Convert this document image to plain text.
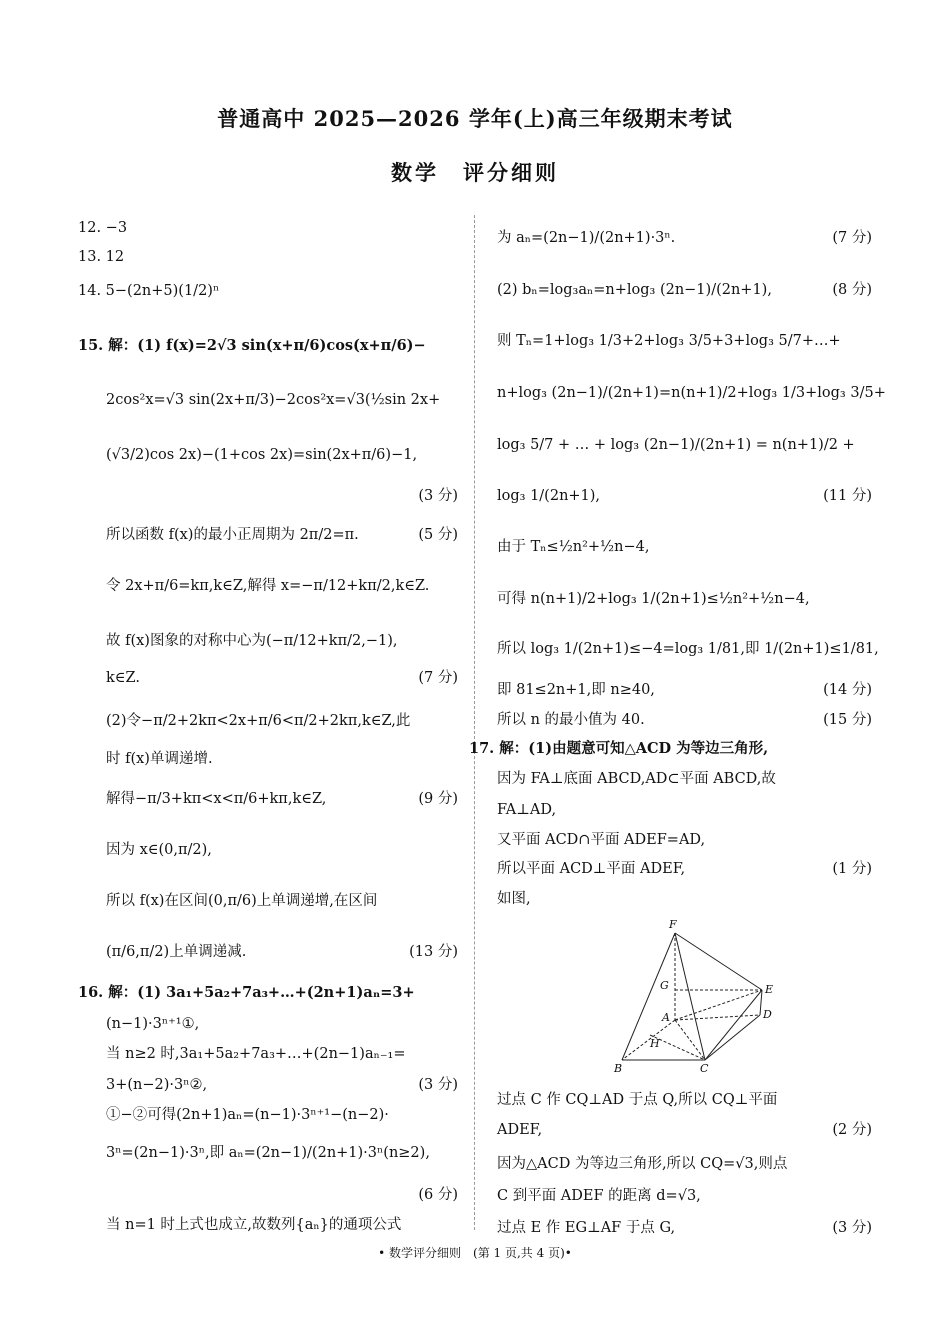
普通高中 2025—2026 学年(上)高三年级期末考试
数学　评分细则
12. −3
13. 12
14. 5−(2n+5)(1/2)ⁿ
15. 解：(1) f(x)=2√3 sin(x+π/6)cos(x+π/6)−
2cos²x=√3 sin(2x+π/3)−2cos²x=√3(½sin 2x+
(√3/2)cos 2x)−(1+cos 2x)=sin(2x+π/6)−1,
(3 分)
所以函数 f(x)的最小正周期为 2π/2=π.	(5 分)
令 2x+π/6=kπ,k∈Z,解得 x=−π/12+kπ/2,k∈Z.
故 f(x)图象的对称中心为(−π/12+kπ/2,−1),
k∈Z.	(7 分)
(2)令−π/2+2kπ<2x+π/6<π/2+2kπ,k∈Z,此
时 f(x)单调递增.
解得−π/3+kπ<x<π/6+kπ,k∈Z,	(9 分)
因为 x∈(0,π/2),
所以 f(x)在区间(0,π/6)上单调递增,在区间
(π/6,π/2)上单调递减.	(13 分)
16. 解：(1) 3a₁+5a₂+7a₃+…+(2n+1)aₙ=3+
(n−1)·3ⁿ⁺¹①,
当 n≥2 时,3a₁+5a₂+7a₃+…+(2n−1)aₙ₋₁=
3+(n−2)·3ⁿ②,	(3 分)
①−②可得(2n+1)aₙ=(n−1)·3ⁿ⁺¹−(n−2)·
3ⁿ=(2n−1)·3ⁿ,即 aₙ=(2n−1)/(2n+1)·3ⁿ(n≥2),
(6 分)
当 n=1 时上式也成立,故数列{aₙ}的通项公式
为 aₙ=(2n−1)/(2n+1)·3ⁿ.	(7 分)
(2) bₙ=log₃aₙ=n+log₃ (2n−1)/(2n+1),	(8 分)
则 Tₙ=1+log₃ 1/3+2+log₃ 3/5+3+log₃ 5/7+…+
n+log₃ (2n−1)/(2n+1)=n(n+1)/2+log₃ 1/3+log₃ 3/5+
log₃ 5/7 + … + log₃ (2n−1)/(2n+1) = n(n+1)/2 +
log₃ 1/(2n+1),	(11 分)
由于 Tₙ≤½n²+½n−4,
可得 n(n+1)/2+log₃ 1/(2n+1)≤½n²+½n−4,
所以 log₃ 1/(2n+1)≤−4=log₃ 1/81,即 1/(2n+1)≤1/81,
即 81≤2n+1,即 n≥40,	(14 分)
所以 n 的最小值为 40.	(15 分)
17. 解：(1)由题意可知△ACD 为等边三角形,
因为 FA⊥底面 ABCD,AD⊂平面 ABCD,故
FA⊥AD,
又平面 ACD∩平面 ADEF=AD,
所以平面 ACD⊥平面 ADEF,	(1 分)
如图,
过点 C 作 CQ⊥AD 于点 Q,所以 CQ⊥平面
ADEF,	(2 分)
因为△ACD 为等边三角形,所以 CQ=√3,则点
C 到平面 ADEF 的距离 d=√3,
过点 E 作 EG⊥AF 于点 G,	(3 分)
F
G	E
A	D
H
B	C
• 数学评分细则　(第 1 页,共 4 页)•
